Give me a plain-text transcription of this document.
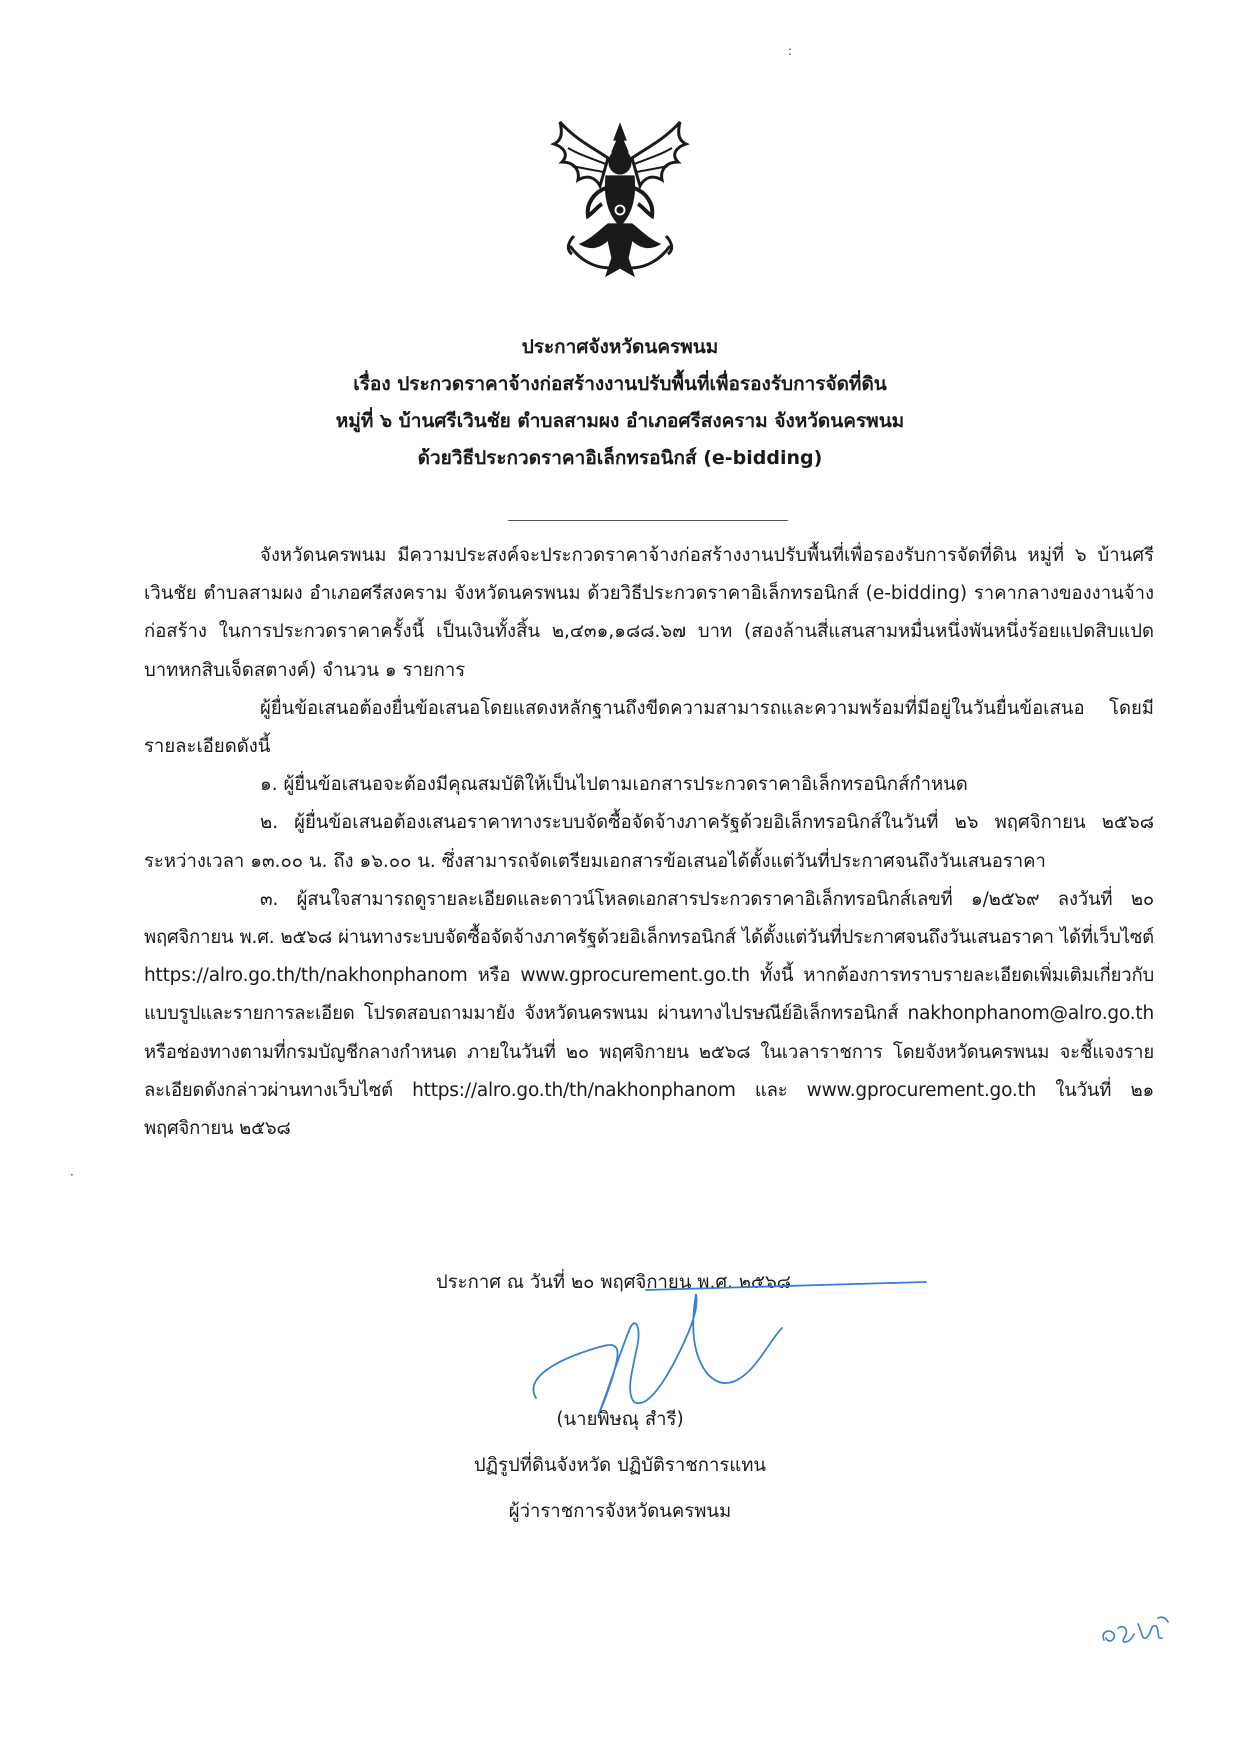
ประกาศจังหวัดนครพนม
เรื่อง ประกวดราคาจ้างก่อสร้างงานปรับพื้นที่เพื่อรองรับการจัดที่ดิน
หมู่ที่ ๖ บ้านศรีเวินชัย ตำบลสามผง อำเภอศรีสงคราม จังหวัดนครพนม
ด้วยวิธีประกวดราคาอิเล็กทรอนิกส์ (e-bidding)

จังหวัดนครพนม มีความประสงค์จะประกวดราคาจ้างก่อสร้างงานปรับพื้นที่เพื่อรองรับการจัดที่ดิน หมู่ที่ ๖ บ้านศรีเวินชัย ตำบลสามผง อำเภอศรีสงคราม จังหวัดนครพนม ด้วยวิธีประกวดราคาอิเล็กทรอนิกส์ (e-bidding) ราคากลางของงานจ้างก่อสร้าง ในการประกวดราคาครั้งนี้ เป็นเงินทั้งสิ้น ๒,๔๓๑,๑๘๘.๖๗ บาท (สองล้านสี่แสนสามหมื่นหนึ่งพันหนึ่งร้อยแปดสิบแปดบาทหกสิบเจ็ดสตางค์) จำนวน ๑ รายการ

ผู้ยื่นข้อเสนอต้องยื่นข้อเสนอโดยแสดงหลักฐานถึงขีดความสามารถและความพร้อมที่มีอยู่ในวันยื่นข้อเสนอ โดยมีรายละเอียดดังนี้

๑. ผู้ยื่นข้อเสนอจะต้องมีคุณสมบัติให้เป็นไปตามเอกสารประกวดราคาอิเล็กทรอนิกส์กำหนด

๒. ผู้ยื่นข้อเสนอต้องเสนอราคาทางระบบจัดซื้อจัดจ้างภาครัฐด้วยอิเล็กทรอนิกส์ในวันที่ ๒๖ พฤศจิกายน ๒๕๖๘ ระหว่างเวลา ๑๓.๐๐ น. ถึง ๑๖.๐๐ น. ซึ่งสามารถจัดเตรียมเอกสารข้อเสนอได้ตั้งแต่วันที่ประกาศจนถึงวันเสนอราคา

๓. ผู้สนใจสามารถดูรายละเอียดและดาวน์โหลดเอกสารประกวดราคาอิเล็กทรอนิกส์เลขที่ ๑/๒๕๖๙ ลงวันที่ ๒๐ พฤศจิกายน พ.ศ. ๒๕๖๘ ผ่านทางระบบจัดซื้อจัดจ้างภาครัฐด้วยอิเล็กทรอนิกส์ ได้ตั้งแต่วันที่ประกาศจนถึงวันเสนอราคา ได้ที่เว็บไซต์ https://alro.go.th/th/nakhonphanom หรือ www.gprocurement.go.th ทั้งนี้ หากต้องการทราบรายละเอียดเพิ่มเติมเกี่ยวกับแบบรูปและรายการละเอียด โปรดสอบถามมายัง จังหวัดนครพนม ผ่านทางไปรษณีย์อิเล็กทรอนิกส์ nakhonphanom@alro.go.th หรือช่องทางตามที่กรมบัญชีกลางกำหนด ภายในวันที่ ๒๐ พฤศจิกายน ๒๕๖๘ ในเวลาราชการ โดยจังหวัดนครพนม จะชี้แจงรายละเอียดดังกล่าวผ่านทางเว็บไซต์ https://alro.go.th/th/nakhonphanom และ www.gprocurement.go.th ในวันที่ ๒๑ พฤศจิกายน ๒๕๖๘

ประกาศ ณ วันที่ ๒๐ พฤศจิกายน พ.ศ. ๒๕๖๘
(นายพิษณุ สำรี)
ปฏิรูปที่ดินจังหวัด ปฏิบัติราชการแทน
ผู้ว่าราชการจังหวัดนครพนม
:
·
